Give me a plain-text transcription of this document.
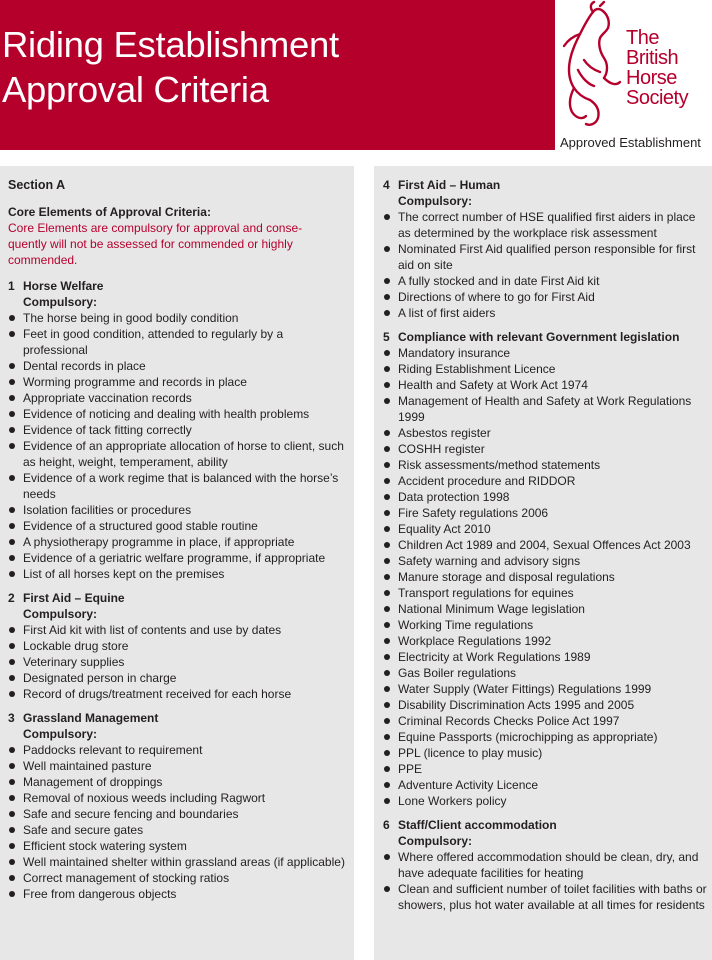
Riding Establishment
Approval Criteria
The
British
Horse
Society
Approved Establishment
Section A
Core Elements of Approval Criteria:
Core Elements are compulsory for approval and conse-quently will not be assessed for commended or highly commended.
1 Horse Welfare
Compulsory:
The horse being in good bodily condition
Feet in good condition, attended to regularly by a professional
Dental records in place
Worming programme and records in place
Appropriate vaccination records
Evidence of noticing and dealing with health problems
Evidence of tack fitting correctly
Evidence of an appropriate allocation of horse to client, such as height, weight, temperament, ability
Evidence of a work regime that is balanced with the horse’s needs
Isolation facilities or procedures
Evidence of a structured good stable routine
A physiotherapy programme in place, if appropriate
Evidence of a geriatric welfare programme, if appropriate
List of all horses kept on the premises
2 First Aid – Equine
Compulsory:
First Aid kit with list of contents and use by dates
Lockable drug store
Veterinary supplies
Designated person in charge
Record of drugs/treatment received for each horse
3 Grassland Management
Compulsory:
Paddocks relevant to requirement
Well maintained pasture
Management of droppings
Removal of noxious weeds including Ragwort
Safe and secure fencing and boundaries
Safe and secure gates
Efficient stock watering system
Well maintained shelter within grassland areas (if applicable)
Correct management of stocking ratios
Free from dangerous objects
4 First Aid – Human
Compulsory:
The correct number of HSE qualified first aiders in place as determined by the workplace risk assessment
Nominated First Aid qualified person responsible for first aid on site
A fully stocked and in date First Aid kit
Directions of where to go for First Aid
A list of first aiders
5 Compliance with relevant Government legislation
Mandatory insurance
Riding Establishment Licence
Health and Safety at Work Act 1974
Management of Health and Safety at Work Regulations 1999
Asbestos register
COSHH register
Risk assessments/method statements
Accident procedure and RIDDOR
Data protection 1998
Fire Safety regulations 2006
Equality Act 2010
Children Act 1989 and 2004, Sexual Offences Act 2003
Safety warning and advisory signs
Manure storage and disposal regulations
Transport regulations for equines
National Minimum Wage legislation
Working Time regulations
Workplace Regulations 1992
Electricity at Work Regulations 1989
Gas Boiler regulations
Water Supply (Water Fittings) Regulations 1999
Disability Discrimination Acts 1995 and 2005
Criminal Records Checks Police Act 1997
Equine Passports (microchipping as appropriate)
PPL (licence to play music)
PPE
Adventure Activity Licence
Lone Workers policy
6 Staff/Client accommodation
Compulsory:
Where offered accommodation should be clean, dry, and have adequate facilities for heating
Clean and sufficient number of toilet facilities with baths or showers, plus hot water available at all times for residents
